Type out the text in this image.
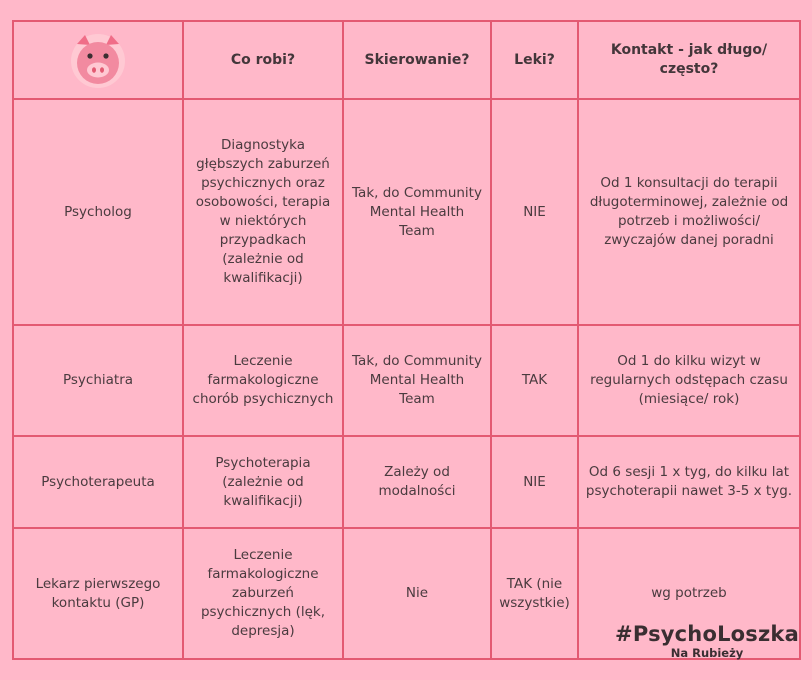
	Co robi?	Skierowanie?	Leki?	Kontakt - jak długo/ często?
Psycholog	Diagnostyka głębszych zaburzeń psychicznych oraz osobowości, terapia w niektórych przypadkach (zależnie od kwalifikacji)	Tak, do Community Mental Health Team	NIE	Od 1 konsultacji do terapii długoterminowej, zależnie od potrzeb i możliwości/ zwyczajów danej poradni
Psychiatra	Leczenie farmakologiczne chorób psychicznych	Tak, do Community Mental Health Team	TAK	Od 1 do kilku wizyt w regularnych odstępach czasu (miesiące/ rok)
Psychoterapeuta	Psychoterapia (zależnie od kwalifikacji)	Zależy od modalności	NIE	Od 6 sesji 1 x tyg, do kilku lat psychoterapii nawet 3-5 x tyg.
Lekarz pierwszego kontaktu (GP)	Leczenie farmakologiczne zaburzeń psychicznych (lęk, depresja)	Nie	TAK (nie wszystkie)	wg potrzeb
#PsychoLoszka
Na Rubieży
